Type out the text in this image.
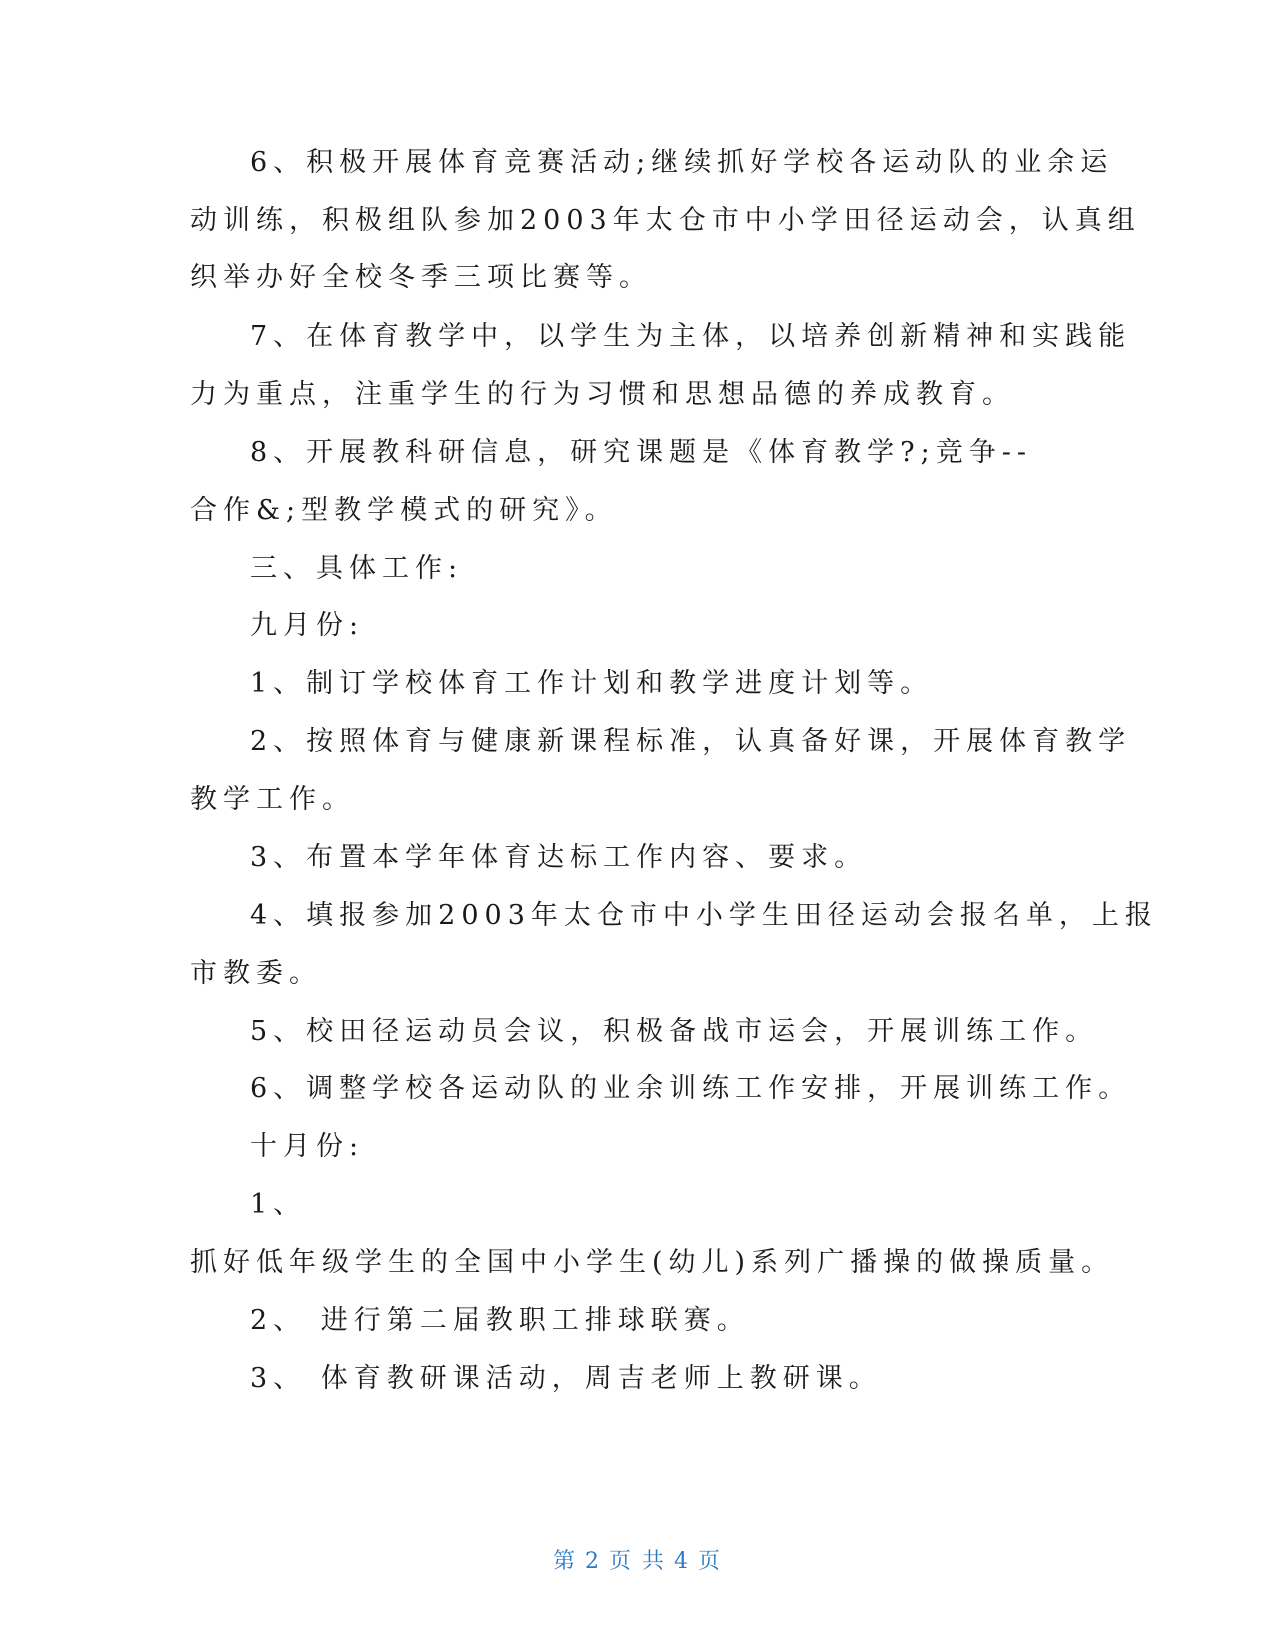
6、积极开展体育竞赛活动;继续抓好学校各运动队的业余运
动训练，积极组队参加2003年太仓市中小学田径运动会，认真组
织举办好全校冬季三项比赛等。
7、在体育教学中，以学生为主体，以培养创新精神和实践能
力为重点，注重学生的行为习惯和思想品德的养成教育。
8、开展教科研信息，研究课题是《体育教学?;竞争--
合作&;型教学模式的研究》。
三、具体工作:
九月份:
1、制订学校体育工作计划和教学进度计划等。
2、按照体育与健康新课程标准，认真备好课，开展体育教学
教学工作。
3、布置本学年体育达标工作内容、要求。
4、填报参加2003年太仓市中小学生田径运动会报名单，上报
市教委。
5、校田径运动员会议，积极备战市运会，开展训练工作。
6、调整学校各运动队的业余训练工作安排，开展训练工作。
十月份:
1、
抓好低年级学生的全国中小学生(幼儿)系列广播操的做操质量。
2、 进行第二届教职工排球联赛。
3、 体育教研课活动，周吉老师上教研课。
第 2 页 共 4 页
